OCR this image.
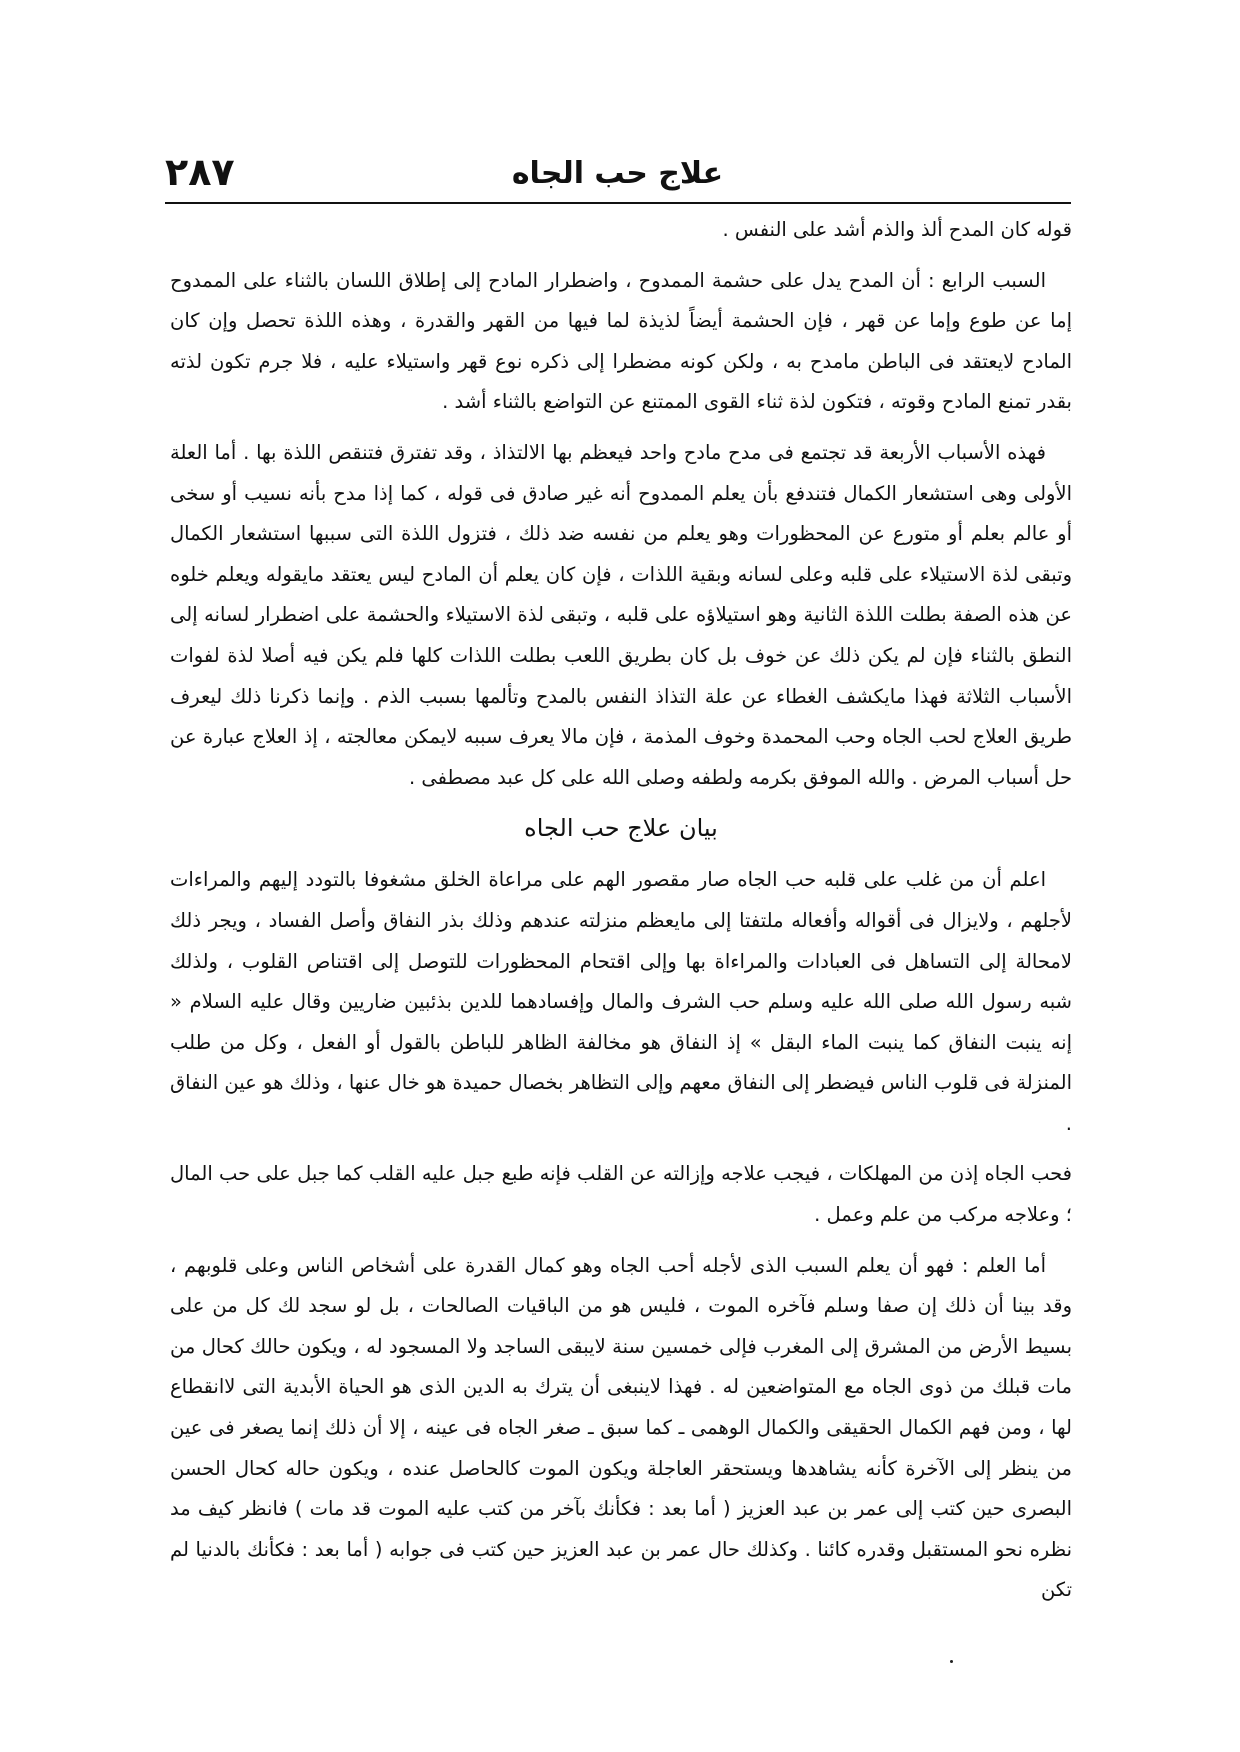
علاج حب الجاه
٢٨٧

قوله كان المدح ألذ والذم أشد على النفس .

السبب الرابع : أن المدح يدل على حشمة الممدوح ، واضطرار المادح إلى إطلاق اللسان بالثناء على الممدوح إما عن طوع وإما عن قهر ، فإن الحشمة أيضاً لذيذة لما فيها من القهر والقدرة ، وهذه اللذة تحصل وإن كان المادح لايعتقد فى الباطن مامدح به ، ولكن كونه مضطرا إلى ذكره نوع قهر واستيلاء عليه ، فلا جرم تكون لذته بقدر تمنع المادح وقوته ، فتكون لذة ثناء القوى الممتنع عن التواضع بالثناء أشد .

فهذه الأسباب الأربعة قد تجتمع فى مدح مادح واحد فيعظم بها الالتذاذ ، وقد تفترق فتنقص اللذة بها . أما العلة الأولى وهى استشعار الكمال فتندفع بأن يعلم الممدوح أنه غير صادق فى قوله ، كما إذا مدح بأنه نسيب أو سخى أو عالم بعلم أو متورع عن المحظورات وهو يعلم من نفسه ضد ذلك ، فتزول اللذة التى سببها استشعار الكمال وتبقى لذة الاستيلاء على قلبه وعلى لسانه وبقية اللذات ، فإن كان يعلم أن المادح ليس يعتقد مايقوله ويعلم خلوه عن هذه الصفة بطلت اللذة الثانية وهو استيلاؤه على قلبه ، وتبقى لذة الاستيلاء والحشمة على اضطرار لسانه إلى النطق بالثناء فإن لم يكن ذلك عن خوف بل كان بطريق اللعب بطلت اللذات كلها فلم يكن فيه أصلا لذة لفوات الأسباب الثلاثة فهذا مايكشف الغطاء عن علة التذاذ النفس بالمدح وتألمها بسبب الذم . وإنما ذكرنا ذلك ليعرف طريق العلاج لحب الجاه وحب المحمدة وخوف المذمة ، فإن مالا يعرف سببه لايمكن معالجته ، إذ العلاج عبارة عن حل أسباب المرض . والله الموفق بكرمه ولطفه وصلى الله على كل عبد مصطفى .

بيان علاج حب الجاه

اعلم أن من غلب على قلبه حب الجاه صار مقصور الهم على مراعاة الخلق مشغوفا بالتودد إليهم والمراءات لأجلهم ، ولايزال فى أقواله وأفعاله ملتفتا إلى مايعظم منزلته عندهم وذلك بذر النفاق وأصل الفساد ، ويجر ذلك لامحالة إلى التساهل فى العبادات والمراءاة بها وإلى اقتحام المحظورات للتوصل إلى اقتناص القلوب ، ولذلك شبه رسول الله صلى الله عليه وسلم حب الشرف والمال وإفسادهما للدين بذئبين ضاريين وقال عليه السلام « إنه ينبت النفاق كما ينبت الماء البقل » إذ النفاق هو مخالفة الظاهر للباطن بالقول أو الفعل ، وكل من طلب المنزلة فى قلوب الناس فيضطر إلى النفاق معهم وإلى التظاهر بخصال حميدة هو خال عنها ، وذلك هو عين النفاق .

فحب الجاه إذن من المهلكات ، فيجب علاجه وإزالته عن القلب فإنه طبع جبل عليه القلب كما جبل على حب المال ؛ وعلاجه مركب من علم وعمل .

أما العلم : فهو أن يعلم السبب الذى لأجله أحب الجاه وهو كمال القدرة على أشخاص الناس وعلى قلوبهم ، وقد بينا أن ذلك إن صفا وسلم فآخره الموت ، فليس هو من الباقيات الصالحات ، بل لو سجد لك كل من على بسيط الأرض من المشرق إلى المغرب فإلى خمسين سنة لايبقى الساجد ولا المسجود له ، ويكون حالك كحال من مات قبلك من ذوى الجاه مع المتواضعين له . فهذا لاينبغى أن يترك به الدين الذى هو الحياة الأبدية التى لاانقطاع لها ، ومن فهم الكمال الحقيقى والكمال الوهمى ـ كما سبق ـ صغر الجاه فى عينه ، إلا أن ذلك إنما يصغر فى عين من ينظر إلى الآخرة كأنه يشاهدها ويستحقر العاجلة ويكون الموت كالحاصل عنده ، ويكون حاله كحال الحسن البصرى حين كتب إلى عمر بن عبد العزيز ( أما بعد : فكأنك بآخر من كتب عليه الموت قد مات ) فانظر كيف مد نظره نحو المستقبل وقدره كائنا . وكذلك حال عمر بن عبد العزيز حين كتب فى جوابه ( أما بعد : فكأنك بالدنيا لم تكن
